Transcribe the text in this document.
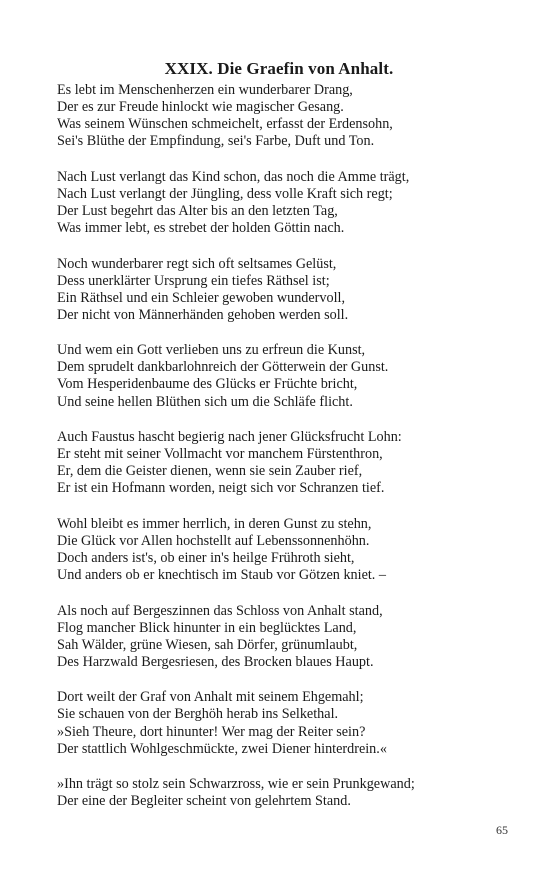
XXIX. Die Graefin von Anhalt.
Es lebt im Menschenherzen ein wunderbarer Drang,
Der es zur Freude hinlockt wie magischer Gesang.
Was seinem Wünschen schmeichelt, erfasst der Erdensohn,
Sei's Blüthe der Empfindung, sei's Farbe, Duft und Ton.
Nach Lust verlangt das Kind schon, das noch die Amme trägt,
Nach Lust verlangt der Jüngling, dess volle Kraft sich regt;
Der Lust begehrt das Alter bis an den letzten Tag,
Was immer lebt, es strebet der holden Göttin nach.
Noch wunderbarer regt sich oft seltsames Gelüst,
Dess unerklärter Ursprung ein tiefes Räthsel ist;
Ein Räthsel und ein Schleier gewoben wundervoll,
Der nicht von Männerhänden gehoben werden soll.
Und wem ein Gott verlieben uns zu erfreun die Kunst,
Dem sprudelt dankbarlohnreich der Götterwein der Gunst.
Vom Hesperidenbaume des Glücks er Früchte bricht,
Und seine hellen Blüthen sich um die Schläfe flicht.
Auch Faustus hascht begierig nach jener Glücksfrucht Lohn:
Er steht mit seiner Vollmacht vor manchem Fürstenthron,
Er, dem die Geister dienen, wenn sie sein Zauber rief,
Er ist ein Hofmann worden, neigt sich vor Schranzen tief.
Wohl bleibt es immer herrlich, in deren Gunst zu stehn,
Die Glück vor Allen hochstellt auf Lebenssonnenhöhn.
Doch anders ist's, ob einer in's heilge Frühroth sieht,
Und anders ob er knechtisch im Staub vor Götzen kniet. –
Als noch auf Bergeszinnen das Schloss von Anhalt stand,
Flog mancher Blick hinunter in ein beglücktes Land,
Sah Wälder, grüne Wiesen, sah Dörfer, grünumlaubt,
Des Harzwald Bergesriesen, des Brocken blaues Haupt.
Dort weilt der Graf von Anhalt mit seinem Ehgemahl;
Sie schauen von der Berghöh herab ins Selkethal.
»Sieh Theure, dort hinunter! Wer mag der Reiter sein?
Der stattlich Wohlgeschmückte, zwei Diener hinterdrein.«
»Ihn trägt so stolz sein Schwarzross, wie er sein Prunkgewand;
Der eine der Begleiter scheint von gelehrtem Stand.
65
